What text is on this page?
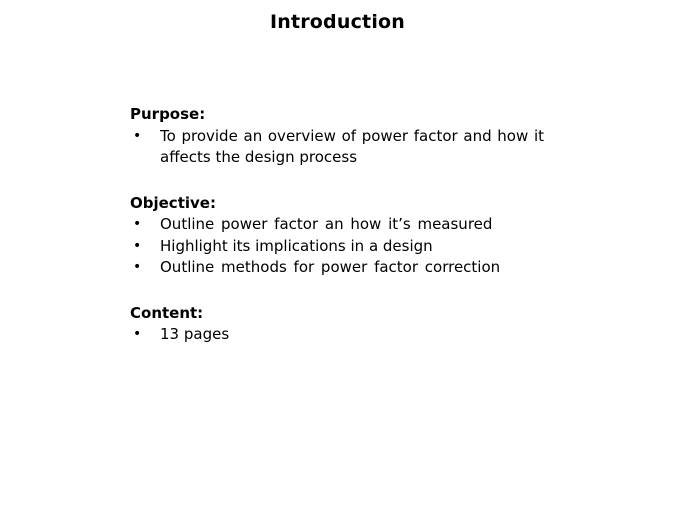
Introduction
Purpose:
•	To provide an overview of power factor and how it affects the design process
Objective:
•	Outline power factor an how it’s measured
•	Highlight its implications in a design
•	Outline methods for power factor correction
Content:
•	13 pages
